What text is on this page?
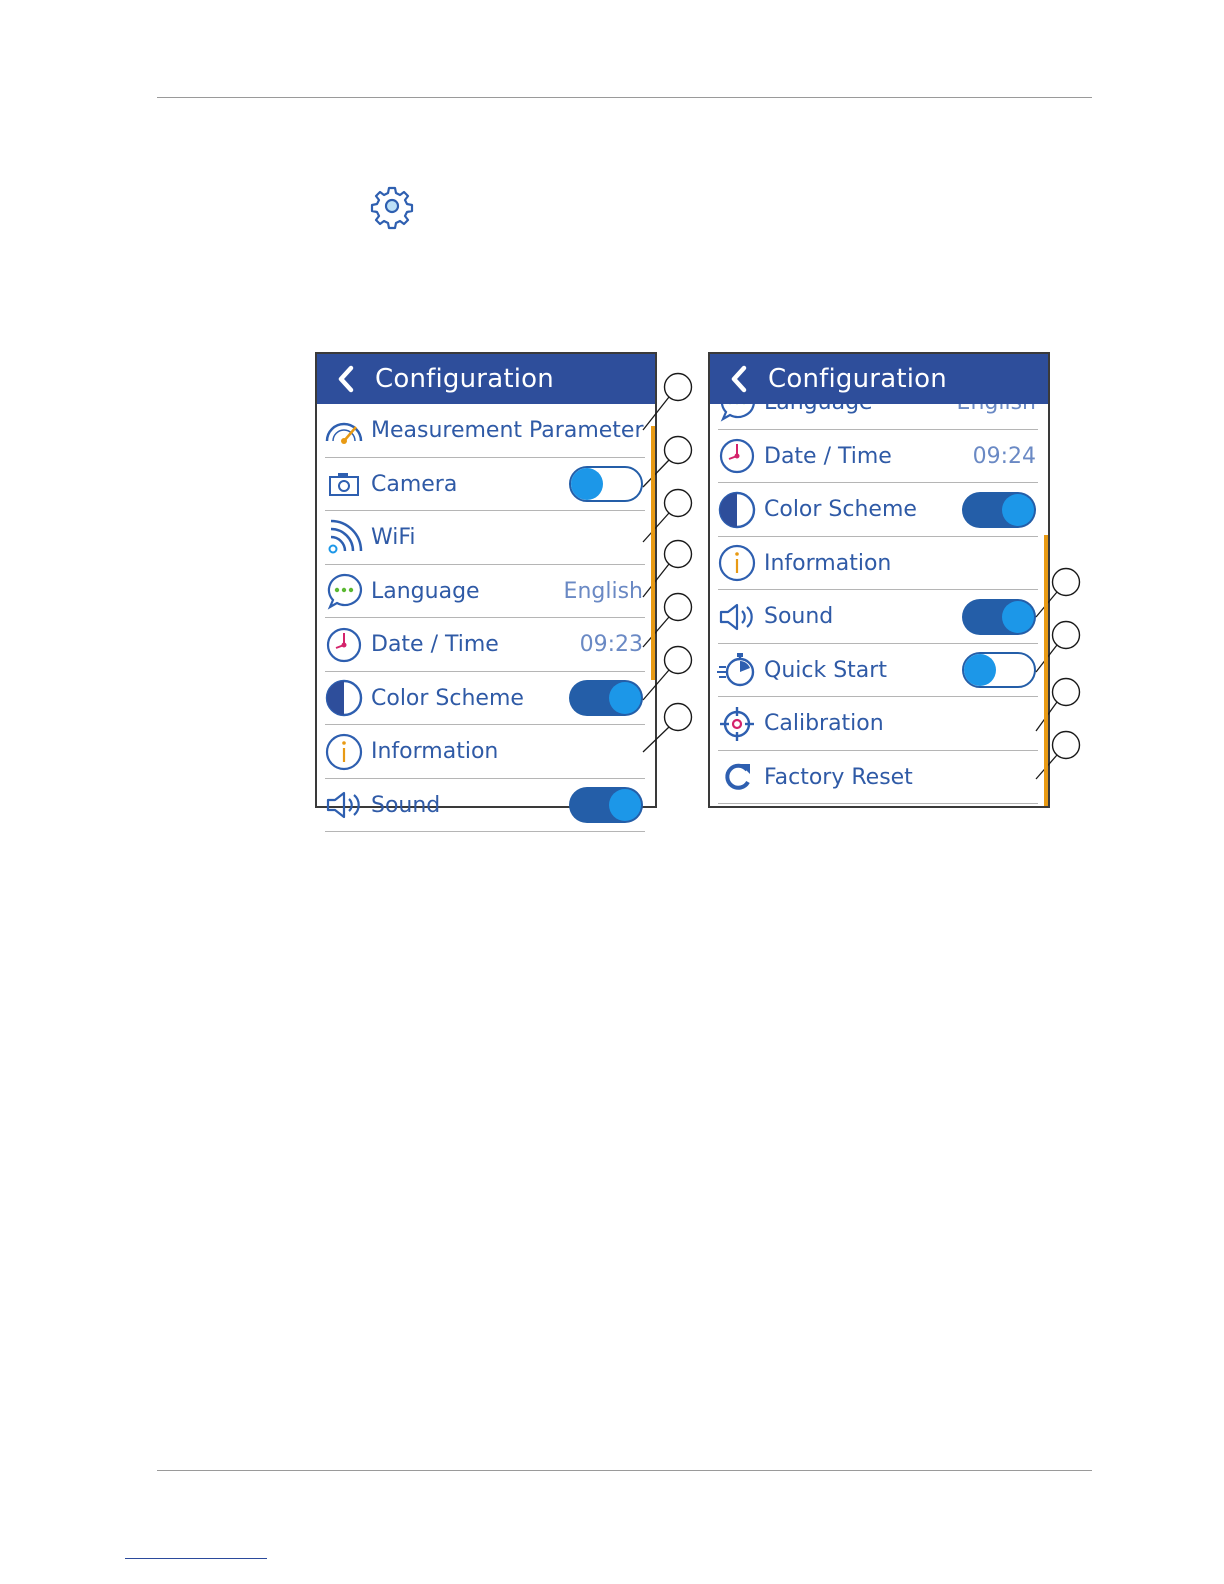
Configuration
Measurement Parameter
Camera
WiFi
Language	English
Date / Time	09:23
Color Scheme
Information
Sound
Configuration
Date / Time	09:24
Color Scheme
Information
Sound
Quick Start
Calibration
Factory Reset
